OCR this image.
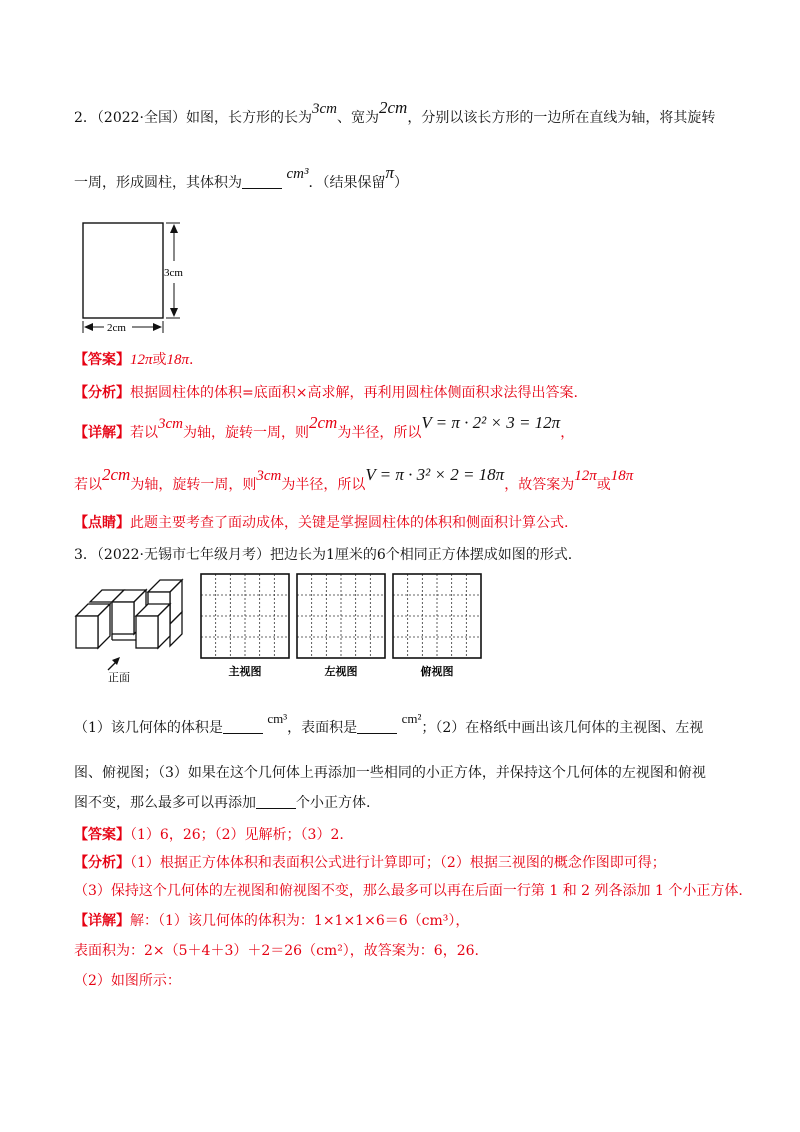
2．（2022·全国）如图，长方形的长为3cm、宽为2cm，分别以该长方形的一边所在直线为轴，将其旋转
一周，形成圆柱，其体积为 cm³．（结果保留π）
3cm
2cm
【答案】12π或18π.
【分析】根据圆柱体的体积=底面积×高求解，再利用圆柱体侧面积求法得出答案.
【详解】若以3cm为轴，旋转一周，则2cm为半径，所以V = π · 2² × 3 = 12π，
若以2cm为轴，旋转一周，则3cm为半径，所以V = π · 3² × 2 = 18π，故答案为12π或18π
【点睛】此题主要考查了面动成体，关键是掌握圆柱体的体积和侧面积计算公式.
3．（2022·无锡市七年级月考）把边长为1厘米的6个相同正方体摆成如图的形式.
正面	主视图	左视图	俯视图
（1）该几何体的体积是 cm³，表面积是 cm²；（2）在格纸中画出该几何体的主视图、左视
图、俯视图；（3）如果在这个几何体上再添加一些相同的小正方体，并保持这个几何体的左视图和俯视
图不变，那么最多可以再添加	个小正方体.
【答案】（1）6，26；（2）见解析；（3）2.
【分析】（1）根据正方体体积和表面积公式进行计算即可；（2）根据三视图的概念作图即可得；
（3）保持这个几何体的左视图和俯视图不变，那么最多可以再在后面一行第 1 和 2 列各添加 1 个小正方体.
【详解】解：（1）该几何体的体积为：1×1×1×6＝6（cm³），
表面积为：2×（5＋4＋3）＋2＝26（cm²），故答案为：6，26.
（2）如图所示：
